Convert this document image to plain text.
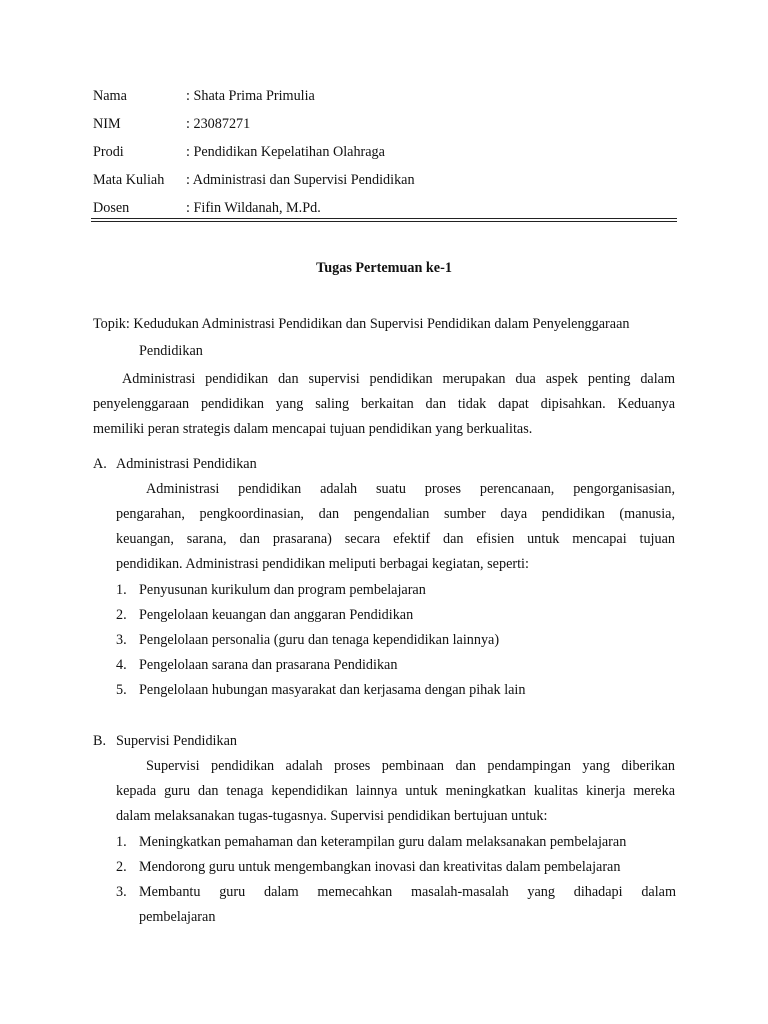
Nama	: Shata Prima Primulia
NIM	: 23087271
Prodi	: Pendidikan Kepelatihan Olahraga
Mata Kuliah : Administrasi dan Supervisi Pendidikan
Dosen	: Fifin Wildanah, M.Pd.
Tugas Pertemuan ke-1
Topik: Kedudukan Administrasi Pendidikan dan Supervisi Pendidikan dalam Penyelenggaraan
Pendidikan
Administrasi pendidikan dan supervisi pendidikan merupakan dua aspek penting dalam
penyelenggaraan pendidikan yang saling berkaitan dan tidak dapat dipisahkan. Keduanya
memiliki peran strategis dalam mencapai tujuan pendidikan yang berkualitas.
A. Administrasi Pendidikan
Administrasi pendidikan adalah suatu proses perencanaan, pengorganisasian,
pengarahan, pengkoordinasian, dan pengendalian sumber daya pendidikan (manusia,
keuangan, sarana, dan prasarana) secara efektif dan efisien untuk mencapai tujuan
pendidikan. Administrasi pendidikan meliputi berbagai kegiatan, seperti:
1. Penyusunan kurikulum dan program pembelajaran
2. Pengelolaan keuangan dan anggaran Pendidikan
3. Pengelolaan personalia (guru dan tenaga kependidikan lainnya)
4. Pengelolaan sarana dan prasarana Pendidikan
5. Pengelolaan hubungan masyarakat dan kerjasama dengan pihak lain
B. Supervisi Pendidikan
Supervisi pendidikan adalah proses pembinaan dan pendampingan yang diberikan
kepada guru dan tenaga kependidikan lainnya untuk meningkatkan kualitas kinerja mereka
dalam melaksanakan tugas-tugasnya. Supervisi pendidikan bertujuan untuk:
1. Meningkatkan pemahaman dan keterampilan guru dalam melaksanakan pembelajaran
2. Mendorong guru untuk mengembangkan inovasi dan kreativitas dalam pembelajaran
3. Membantu guru dalam memecahkan masalah-masalah yang dihadapi dalam
pembelajaran
